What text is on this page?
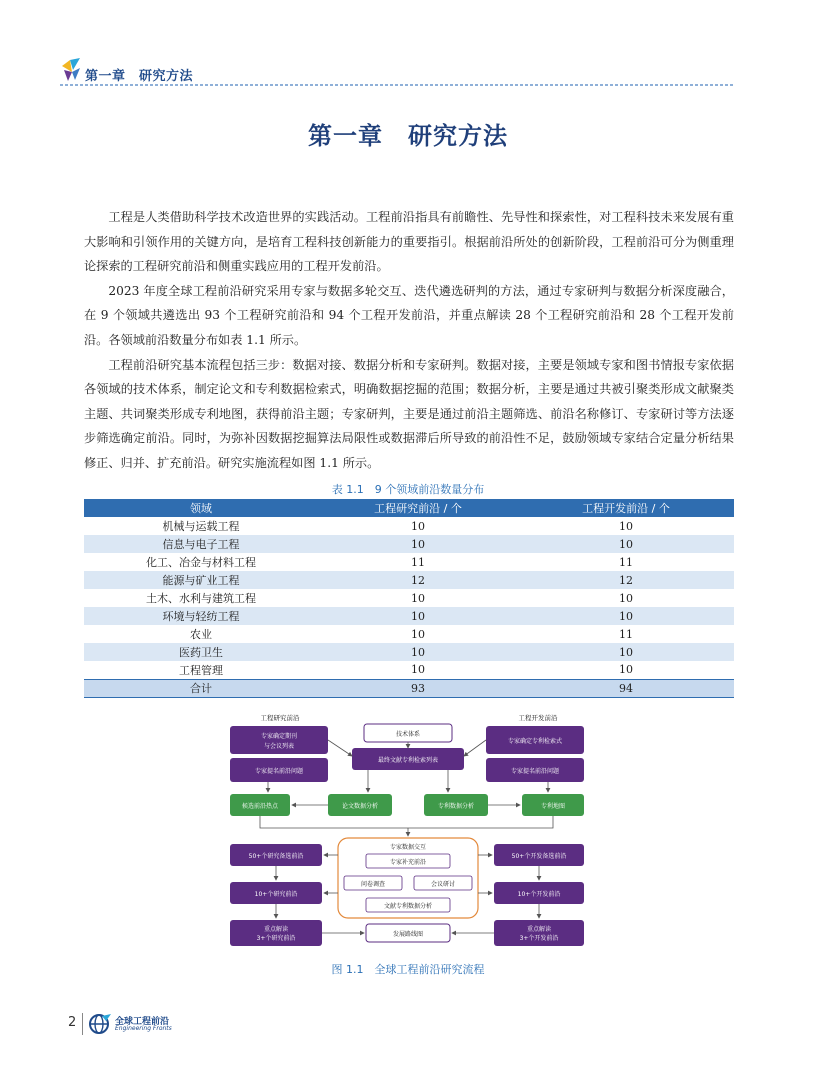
第一章　研究方法
第一章　研究方法

工程是人类借助科学技术改造世界的实践活动。工程前沿指具有前瞻性、先导性和探索性，对工程科技未来发展有重大影响和引领作用的关键方向，是培育工程科技创新能力的重要指引。根据前沿所处的创新阶段，工程前沿可分为侧重理论探索的工程研究前沿和侧重实践应用的工程开发前沿。

2023 年度全球工程前沿研究采用专家与数据多轮交互、迭代遴选研判的方法，通过专家研判与数据分析深度融合，在 9 个领域共遴选出 93 个工程研究前沿和 94 个工程开发前沿，并重点解读 28 个工程研究前沿和 28 个工程开发前沿。各领域前沿数量分布如表 1.1 所示。

工程前沿研究基本流程包括三步：数据对接、数据分析和专家研判。数据对接，主要是领域专家和图书情报专家依据各领域的技术体系，制定论文和专利数据检索式，明确数据挖掘的范围；数据分析，主要是通过共被引聚类形成文献聚类主题、共词聚类形成专利地图，获得前沿主题；专家研判，主要是通过前沿主题筛选、前沿名称修订、专家研讨等方法逐步筛选确定前沿。同时，为弥补因数据挖掘算法局限性或数据滞后所导致的前沿性不足，鼓励领域专家结合定量分析结果修正、归并、扩充前沿。研究实施流程如图 1.1 所示。

表 1.1　9 个领域前沿数量分布
领域	工程研究前沿 / 个	工程开发前沿 / 个
机械与运载工程	10	10
信息与电子工程	10	10
化工、冶金与材料工程	11	11
能源与矿业工程	12	12
土木、水利与建筑工程	10	10
环境与轻纺工程	10	10
农业	10	11
医药卫生	10	10
工程管理	10	10
合计	93	94
工程研究前沿	工程开发前沿
专家确定期刊
与会议列表
专家提名前沿问题
技术体系
最终文献专利检索列表
专家确定专利检索式
专家提名前沿问题
候选前沿热点	论文数据分析	专利数据分析	专利地图
专家数据交互
专家补充前沿
问卷调查	会议研讨
文献专利数据分析
50+个研究备选前沿
10+个研究前沿
重点解读
3+个研究前沿
50+个开发备选前沿
10+个开发前沿
重点解读
3+个开发前沿
发展路线图
图 1.1　全球工程前沿研究流程
2	全球工程前沿
Engineering Fronts
